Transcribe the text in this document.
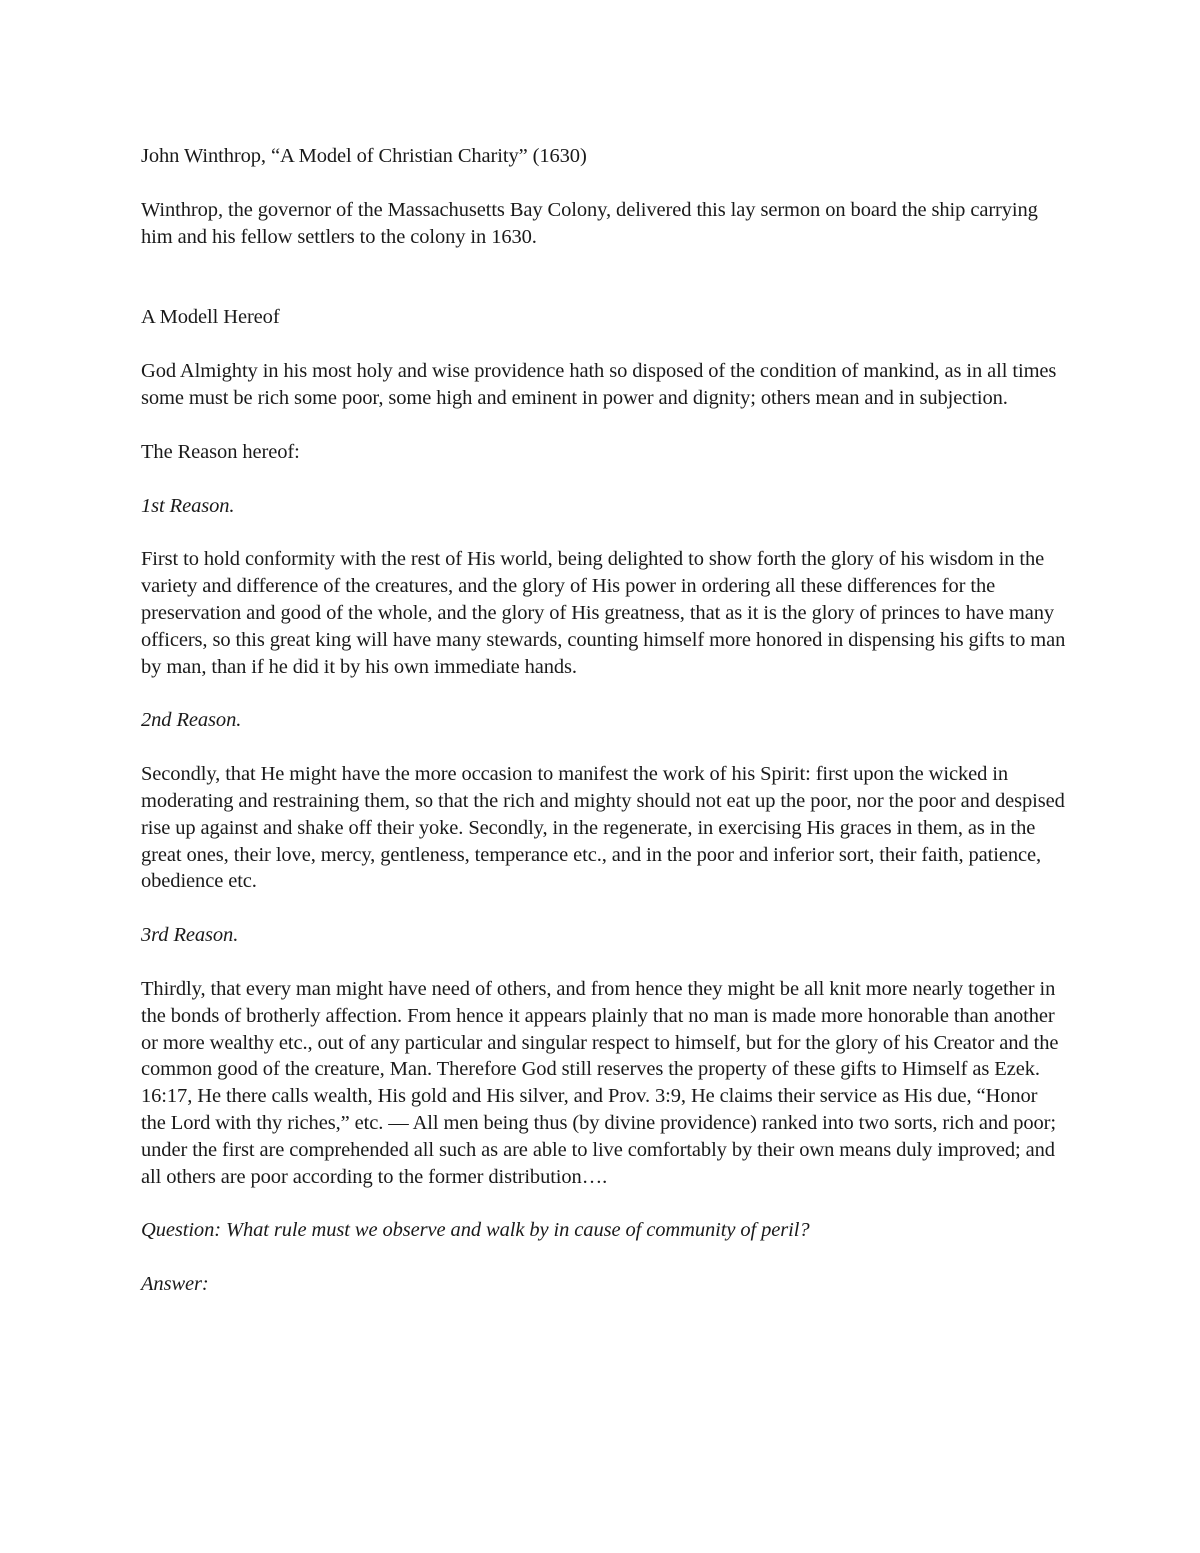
John Winthrop, “A Model of Christian Charity” (1630)

Winthrop, the governor of the Massachusetts Bay Colony, delivered this lay sermon on board the ship carrying him and his fellow settlers to the colony in 1630.

A Modell Hereof

God Almighty in his most holy and wise providence hath so disposed of the condition of mankind, as in all times some must be rich some poor, some high and eminent in power and dignity; others mean and in subjection.

The Reason hereof:

1st Reason.

First to hold conformity with the rest of His world, being delighted to show forth the glory of his wisdom in the variety and difference of the creatures, and the glory of His power in ordering all these differences for the preservation and good of the whole, and the glory of His greatness, that as it is the glory of princes to have many officers, so this great king will have many stewards, counting himself more honored in dispensing his gifts to man by man, than if he did it by his own immediate hands.

2nd Reason.

Secondly, that He might have the more occasion to manifest the work of his Spirit: first upon the wicked in moderating and restraining them, so that the rich and mighty should not eat up the poor, nor the poor and despised rise up against and shake off their yoke. Secondly, in the regenerate, in exercising His graces in them, as in the great ones, their love, mercy, gentleness, temperance etc., and in the poor and inferior sort, their faith, patience, obedience etc.

3rd Reason.

Thirdly, that every man might have need of others, and from hence they might be all knit more nearly together in the bonds of brotherly affection. From hence it appears plainly that no man is made more honorable than another or more wealthy etc., out of any particular and singular respect to himself, but for the glory of his Creator and the common good of the creature, Man. Therefore God still reserves the property of these gifts to Himself as Ezek. 16:17, He there calls wealth, His gold and His silver, and Prov. 3:9, He claims their service as His due, “Honor the Lord with thy riches,” etc. — All men being thus (by divine providence) ranked into two sorts, rich and poor; under the first are comprehended all such as are able to live comfortably by their own means duly improved; and all others are poor according to the former distribution….

Question: What rule must we observe and walk by in cause of community of peril?

Answer:
